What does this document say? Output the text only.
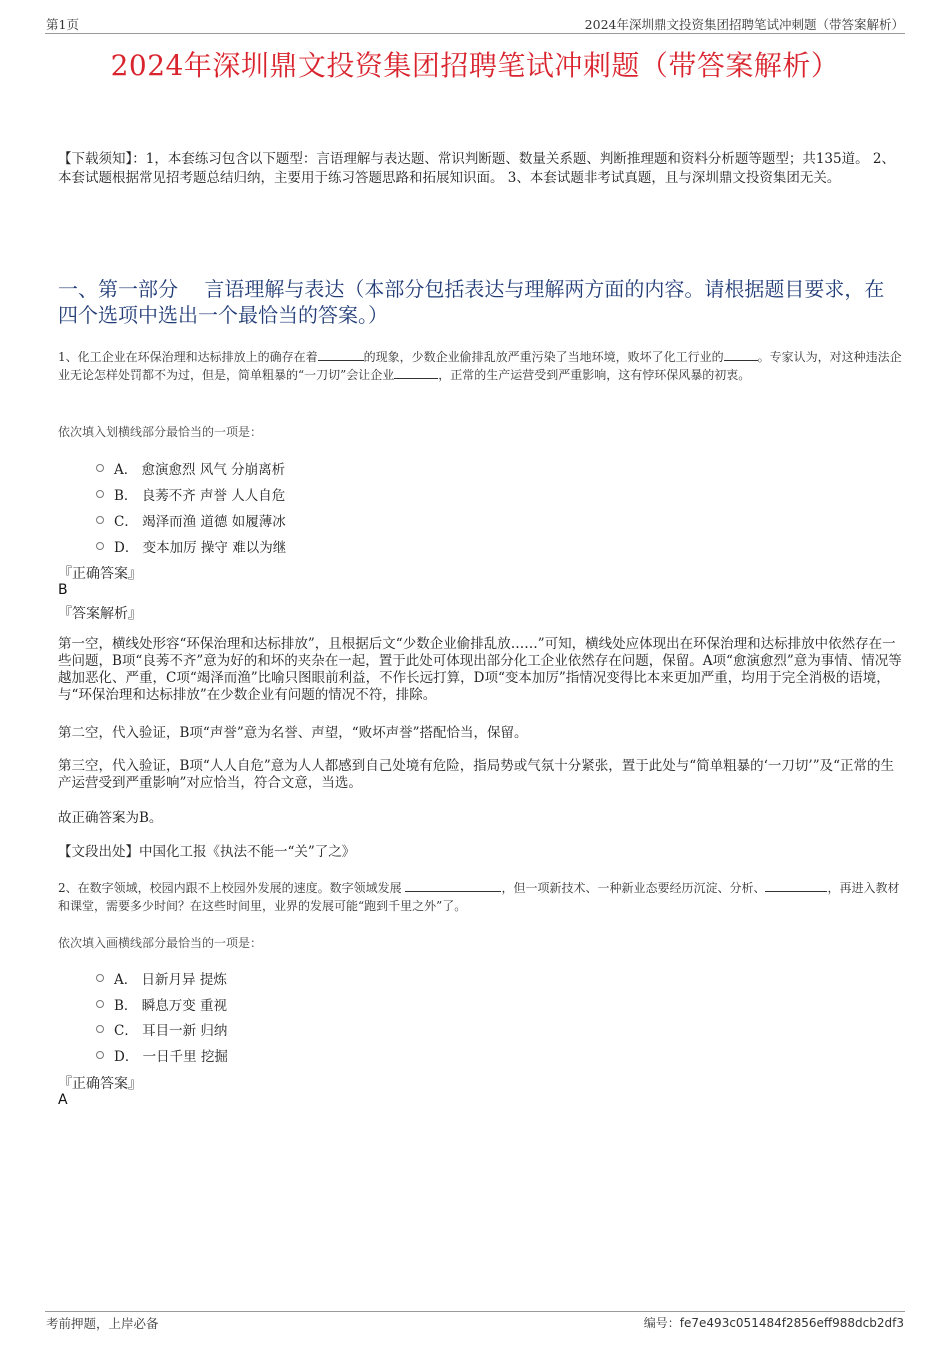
第1页	2024年深圳鼎文投资集团招聘笔试冲刺题（带答案解析）
2024年深圳鼎文投资集团招聘笔试冲刺题（带答案解析）
【下载须知】：1，本套练习包含以下题型：言语理解与表达题、常识判断题、数量关系题、判断推理题和资料分析题等题型；共135道。 2、本套试题根据常见招考题总结归纳，主要用于练习答题思路和拓展知识面。 3、本套试题非考试真题，且与深圳鼎文投资集团无关。
一、第一部分　 言语理解与表达（本部分包括表达与理解两方面的内容。请根据题目要求，在四个选项中选出一个最恰当的答案。）
1、化工企业在环保治理和达标排放上的确存在着	的现象，少数企业偷排乱放严重污染了当地环境，败坏了化工行业的	。专家认为，对这种违法企业无论怎样处罚都不为过，但是，简单粗暴的“一刀切”会让企业	，正常的生产运营受到严重影响，这有悖环保风暴的初衷。
依次填入划横线部分最恰当的一项是：
A． 愈演愈烈 风气 分崩离析
B． 良莠不齐 声誉 人人自危
C． 竭泽而渔 道德 如履薄冰
D． 变本加厉 操守 难以为继
『正确答案』
B
『答案解析』
第一空，横线处形容“环保治理和达标排放”，且根据后文“少数企业偷排乱放……”可知，横线处应体现出在环保治理和达标排放中依然存在一些问题，B项“良莠不齐”意为好的和坏的夹杂在一起，置于此处可体现出部分化工企业依然存在问题，保留。A项“愈演愈烈”意为事情、情况等越加恶化、严重，C项“竭泽而渔”比喻只图眼前利益，不作长远打算，D项“变本加厉”指情况变得比本来更加严重，均用于完全消极的语境，与“环保治理和达标排放”在少数企业有问题的情况不符，排除。
第二空，代入验证，B项“声誉”意为名誉、声望，“败坏声誉”搭配恰当，保留。
第三空，代入验证，B项“人人自危”意为人人都感到自己处境有危险，指局势或气氛十分紧张，置于此处与“简单粗暴的‘一刀切’”及“正常的生产运营受到严重影响”对应恰当，符合文意，当选。
故正确答案为B。
【文段出处】中国化工报《执法不能一“关”了之》
2、在数字领域，校园内跟不上校园外发展的速度。数字领域发展	，但一项新技术、一种新业态要经历沉淀、分析、	，再进入教材和课堂，需要多少时间？在这些时间里，业界的发展可能“跑到千里之外”了。
依次填入画横线部分最恰当的一项是：
A． 日新月异 提炼
B． 瞬息万变 重视
C． 耳目一新 归纳
D． 一日千里 挖掘
『正确答案』
A
考前押题，上岸必备	编号：fe7e493c051484f2856eff988dcb2df3
